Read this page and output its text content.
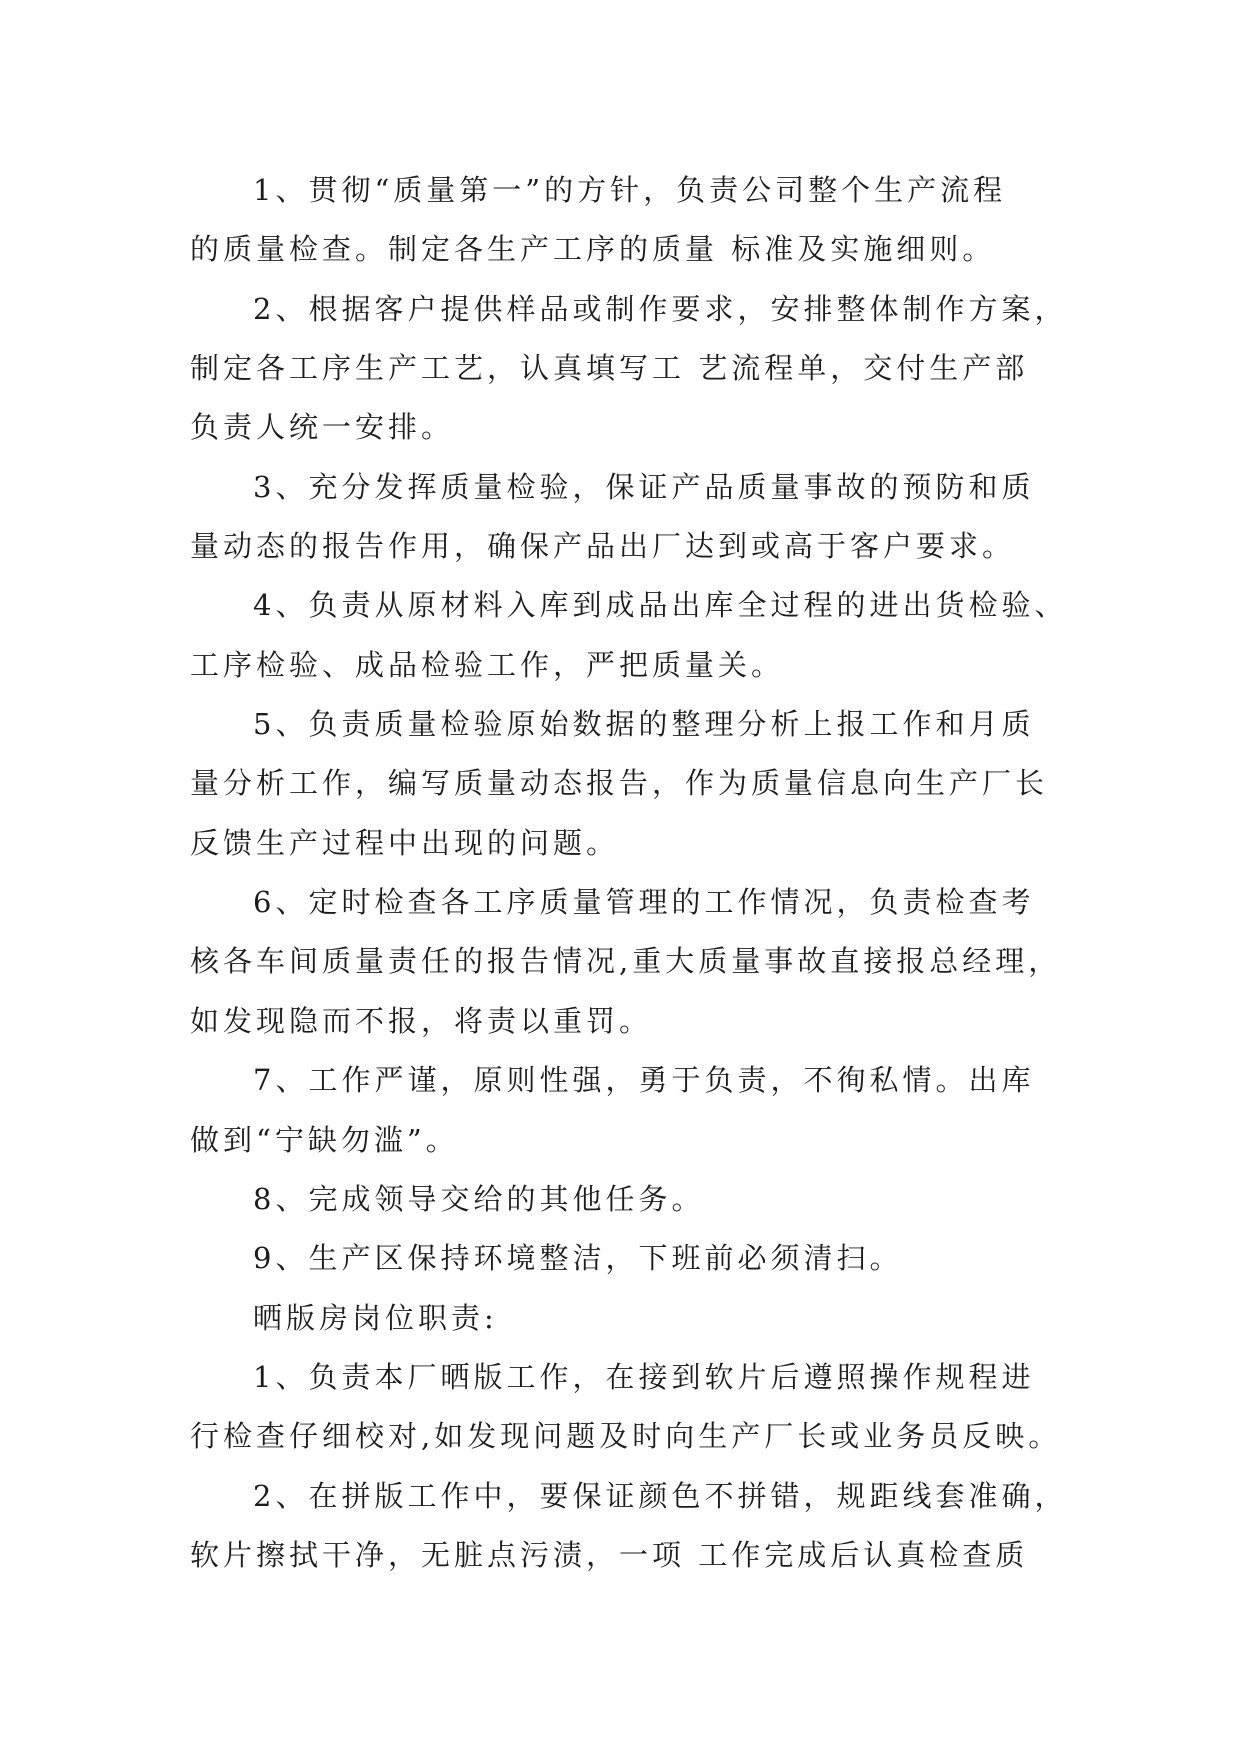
1、贯彻“质量第一”的方针，负责公司整个生产流程
的质量检查。制定各生产工序的质量 标准及实施细则。
2、根据客户提供样品或制作要求，安排整体制作方案，
制定各工序生产工艺，认真填写工 艺流程单，交付生产部
负责人统一安排。
3、充分发挥质量检验，保证产品质量事故的预防和质
量动态的报告作用，确保产品出厂达到或高于客户要求。
4、负责从原材料入库到成品出库全过程的进出货检验、
工序检验、成品检验工作，严把质量关。
5、负责质量检验原始数据的整理分析上报工作和月质
量分析工作，编写质量动态报告，作为质量信息向生产厂长
反馈生产过程中出现的问题。
6、定时检查各工序质量管理的工作情况，负责检查考
核各车间质量责任的报告情况,重大质量事故直接报总经理，
如发现隐而不报，将责以重罚。
7、工作严谨，原则性强，勇于负责，不徇私情。出库
做到“宁缺勿滥”。
8、完成领导交给的其他任务。
9、生产区保持环境整洁，下班前必须清扫。
晒版房岗位职责:
1、负责本厂晒版工作，在接到软片后遵照操作规程进
行检查仔细校对,如发现问题及时向生产厂长或业务员反映。
2、在拼版工作中，要保证颜色不拼错，规距线套准确，
软片擦拭干净，无脏点污渍，一项 工作完成后认真检查质
